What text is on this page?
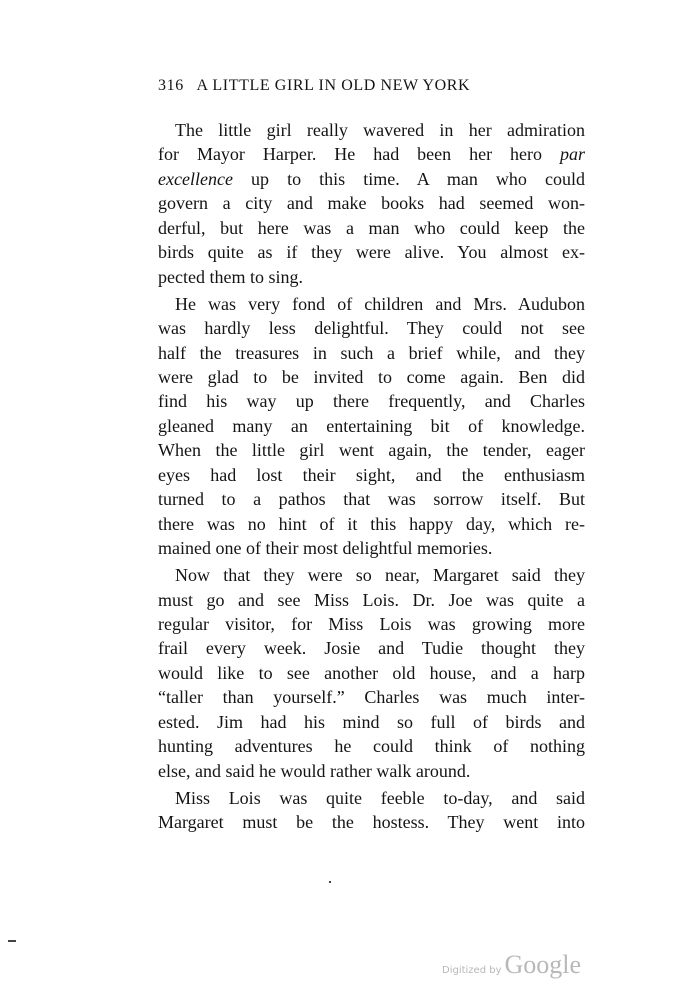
316 A LITTLE GIRL IN OLD NEW YORK
The little girl really wavered in her admiration
for Mayor Harper. He had been her hero par
excellence up to this time. A man who could
govern a city and make books had seemed won-
derful, but here was a man who could keep the
birds quite as if they were alive. You almost ex-
pected them to sing.
He was very fond of children and Mrs. Audubon
was hardly less delightful. They could not see
half the treasures in such a brief while, and they
were glad to be invited to come again. Ben did
find his way up there frequently, and Charles
gleaned many an entertaining bit of knowledge.
When the little girl went again, the tender, eager
eyes had lost their sight, and the enthusiasm
turned to a pathos that was sorrow itself. But
there was no hint of it this happy day, which re-
mained one of their most delightful memories.
Now that they were so near, Margaret said they
must go and see Miss Lois. Dr. Joe was quite a
regular visitor, for Miss Lois was growing more
frail every week. Josie and Tudie thought they
would like to see another old house, and a harp
“taller than yourself.” Charles was much inter-
ested. Jim had his mind so full of birds and
hunting adventures he could think of nothing
else, and said he would rather walk around.
Miss Lois was quite feeble to-day, and said
Margaret must be the hostess. They went into
Digitized by Google
